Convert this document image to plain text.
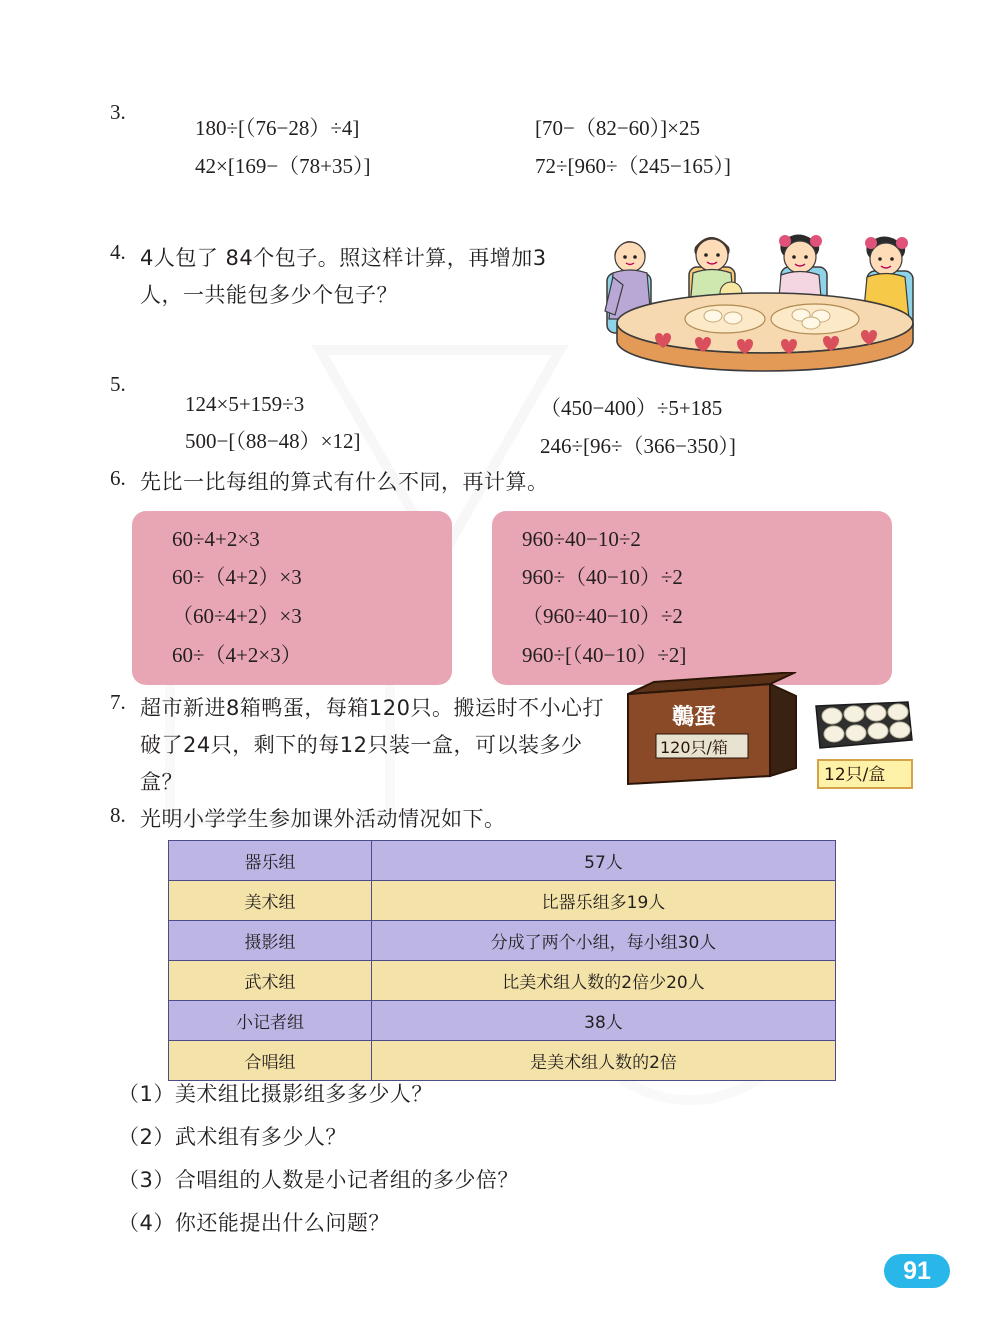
3.
180÷[（76−28）÷4]
42×[169−（78+35）]
[70−（82−60）]×25
72÷[960÷（245−165）]
4. 4人包了 84个包子。照这样计算，再增加3人，一共能包多少个包子？
5.
124×5+159÷3
500−[（88−48）×12]
（450−400）÷5+185
246÷[96÷（366−350）]
6. 先比一比每组的算式有什么不同，再计算。
60÷4+2×3
60÷（4+2）×3
（60÷4+2）×3
60÷（4+2×3）
960÷40−10÷2
960÷（40−10）÷2
（960÷40−10）÷2
960÷[（40−10）÷2]
7. 超市新进8箱鸭蛋，每箱120只。搬运时不小心打破了24只，剩下的每12只装一盒，可以装多少盒？
鷷蛋
120只/箱
12只/盒
8. 光明小学学生参加课外活动情况如下。
器乐组	57人
美术组	比器乐组多19人
摄影组	分成了两个小组，每小组30人
武术组	比美术组人数的2倍少20人
小记者组	38人
合唱组	是美术组人数的2倍
（1）美术组比摄影组多多少人？
（2）武术组有多少人？
（3）合唱组的人数是小记者组的多少倍？
（4）你还能提出什么问题？
91
